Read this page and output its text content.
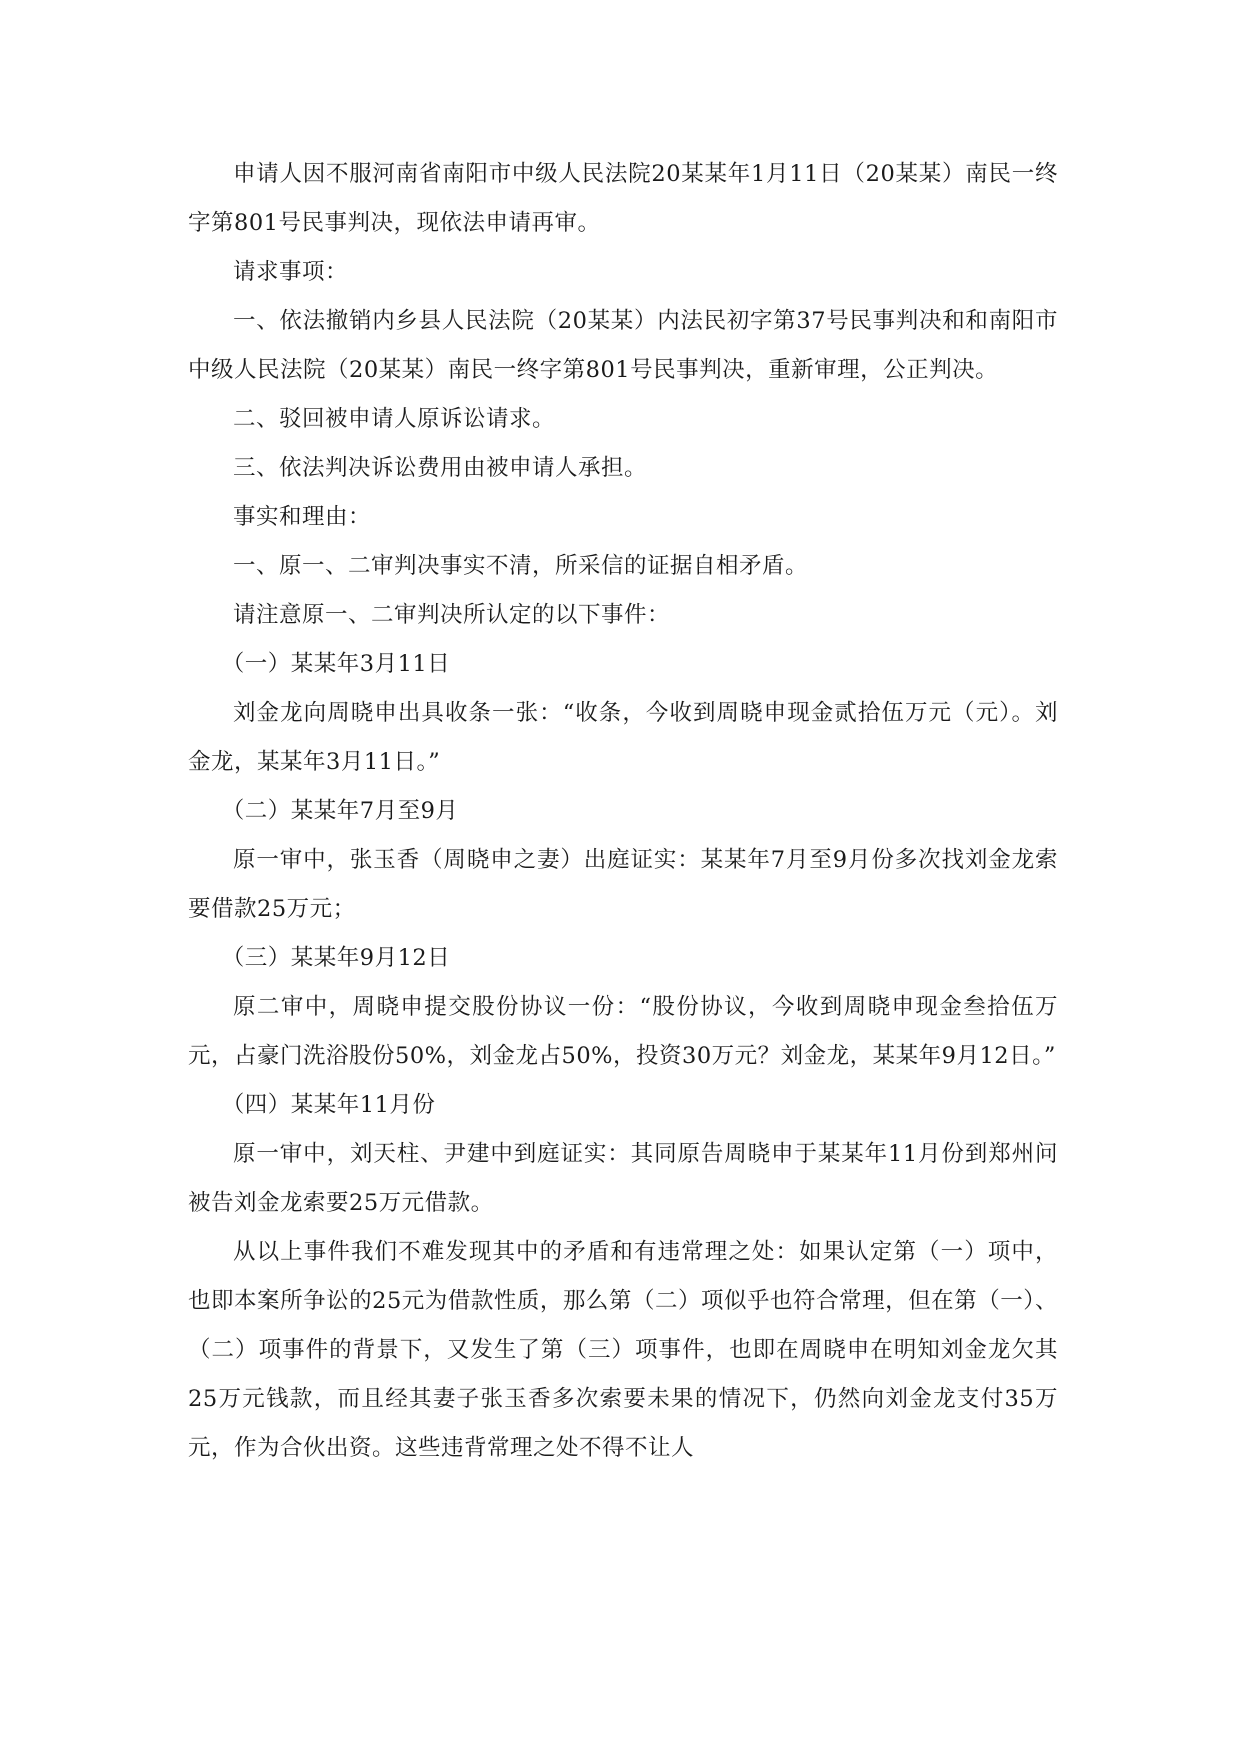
申请人因不服河南省南阳市中级人民法院20某某年1月11日（20某某）南民一终字第801号民事判决，现依法申请再审。

请求事项：

一、依法撤销内乡县人民法院（20某某）内法民初字第37号民事判决和和南阳市中级人民法院（20某某）南民一终字第801号民事判决，重新审理，公正判决。

二、驳回被申请人原诉讼请求。

三、依法判决诉讼费用由被申请人承担。

事实和理由：

一、原一、二审判决事实不清，所采信的证据自相矛盾。

请注意原一、二审判决所认定的以下事件：

（一）某某年3月11日

刘金龙向周晓申出具收条一张：“收条，今收到周晓申现金贰拾伍万元（元）。刘金龙，某某年3月11日。”

（二）某某年7月至9月

原一审中，张玉香（周晓申之妻）出庭证实：某某年7月至9月份多次找刘金龙索要借款25万元；

（三）某某年9月12日

原二审中，周晓申提交股份协议一份：“股份协议，今收到周晓申现金叁拾伍万元，占豪门洗浴股份50%，刘金龙占50%，投资30万元？刘金龙，某某年9月12日。”

（四）某某年11月份

原一审中，刘天柱、尹建中到庭证实：其同原告周晓申于某某年11月份到郑州问被告刘金龙索要25万元借款。

从以上事件我们不难发现其中的矛盾和有违常理之处：如果认定第（一）项中，也即本案所争讼的25元为借款性质，那么第（二）项似乎也符合常理，但在第（一）、（二）项事件的背景下，又发生了第（三）项事件，也即在周晓申在明知刘金龙欠其25万元钱款，而且经其妻子张玉香多次索要未果的情况下，仍然向刘金龙支付35万元，作为合伙出资。这些违背常理之处不得不让人
